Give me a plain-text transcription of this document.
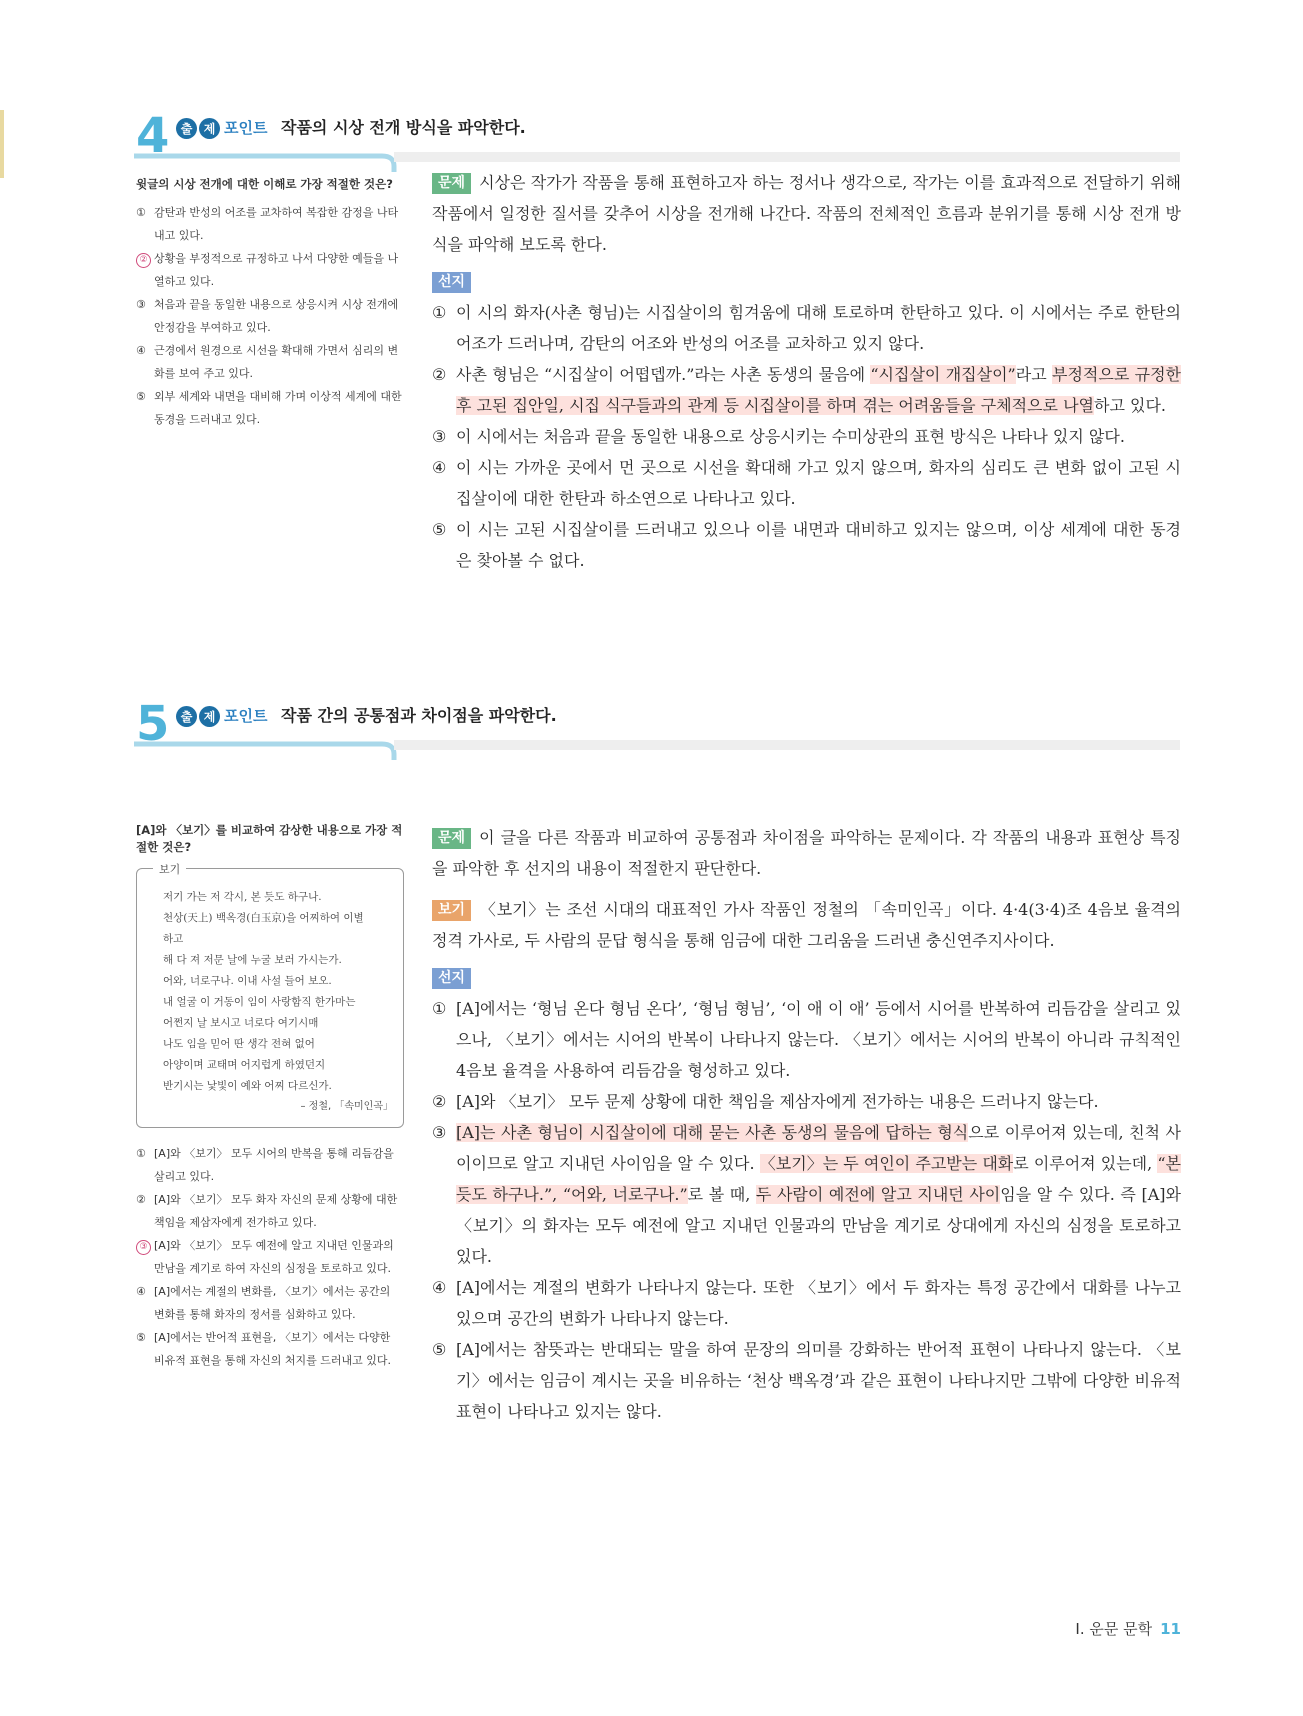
4 출 제 포인트 작품의 시상 전개 방식을 파악한다.
윗글의 시상 전개에 대한 이해로 가장 적절한 것은?
① 감탄과 반성의 어조를 교차하여 복잡한 감정을 나타내고 있다.
② 상황을 부정적으로 규정하고 나서 다양한 예들을 나열하고 있다.
③ 처음과 끝을 동일한 내용으로 상응시켜 시상 전개에 안정감을 부여하고 있다.
④ 근경에서 원경으로 시선을 확대해 가면서 심리의 변화를 보여 주고 있다.
⑤ 외부 세계와 내면을 대비해 가며 이상적 세계에 대한 동경을 드러내고 있다.
문제 시상은 작가가 작품을 통해 표현하고자 하는 정서나 생각으로, 작가는 이를 효과적으로 전달하기 위해 작품에서 일정한 질서를 갖추어 시상을 전개해 나간다. 작품의 전체적인 흐름과 분위기를 통해 시상 전개 방식을 파악해 보도록 한다.
선지
① 이 시의 화자(사촌 형님)는 시집살이의 힘겨움에 대해 토로하며 한탄하고 있다. 이 시에서는 주로 한탄의 어조가 드러나며, 감탄의 어조와 반성의 어조를 교차하고 있지 않다.
② 사촌 형님은 “시집살이 어떱뎁까.”라는 사촌 동생의 물음에 “시집살이 개집살이”라고 부정적으로 규정한 후 고된 집안일, 시집 식구들과의 관계 등 시집살이를 하며 겪는 어려움들을 구체적으로 나열하고 있다.
③ 이 시에서는 처음과 끝을 동일한 내용으로 상응시키는 수미상관의 표현 방식은 나타나 있지 않다.
④ 이 시는 가까운 곳에서 먼 곳으로 시선을 확대해 가고 있지 않으며, 화자의 심리도 큰 변화 없이 고된 시집살이에 대한 한탄과 하소연으로 나타나고 있다.
⑤ 이 시는 고된 시집살이를 드러내고 있으나 이를 내면과 대비하고 있지는 않으며, 이상 세계에 대한 동경은 찾아볼 수 없다.
5 출 제 포인트 작품 간의 공통점과 차이점을 파악한다.
[A]와 〈보기〉를 비교하여 감상한 내용으로 가장 적절한 것은?
보기
저기 가는 저 각시, 본 듯도 하구나.
천상(天上) 백옥경(白玉京)을 어찌하여 이별
하고
해 다 져 저문 날에 누굴 보러 가시는가.
어와, 너로구나. 이내 사설 들어 보오.
내 얼굴 이 거동이 임이 사랑함직 한가마는
어쩐지 날 보시고 너로다 여기시매
나도 임을 믿어 딴 생각 전혀 없어
아양이며 교태며 어지럽게 하였던지
반기시는 낯빛이 예와 어찌 다르신가.
– 정철, 「속미인곡」
① [A]와 〈보기〉 모두 시어의 반복을 통해 리듬감을 살리고 있다.
② [A]와 〈보기〉 모두 화자 자신의 문제 상황에 대한 책임을 제삼자에게 전가하고 있다.
③ [A]와 〈보기〉 모두 예전에 알고 지내던 인물과의 만남을 계기로 하여 자신의 심정을 토로하고 있다.
④ [A]에서는 계절의 변화를, 〈보기〉에서는 공간의 변화를 통해 화자의 정서를 심화하고 있다.
⑤ [A]에서는 반어적 표현을, 〈보기〉에서는 다양한 비유적 표현을 통해 자신의 처지를 드러내고 있다.
문제 이 글을 다른 작품과 비교하여 공통점과 차이점을 파악하는 문제이다. 각 작품의 내용과 표현상 특징을 파악한 후 선지의 내용이 적절한지 판단한다.
보기 〈보기〉는 조선 시대의 대표적인 가사 작품인 정철의 「속미인곡」이다. 4·4(3·4)조 4음보 율격의 정격 가사로, 두 사람의 문답 형식을 통해 임금에 대한 그리움을 드러낸 충신연주지사이다.
선지
① [A]에서는 ‘형님 온다 형님 온다’, ‘형님 형님’, ‘이 애 이 애’ 등에서 시어를 반복하여 리듬감을 살리고 있으나, 〈보기〉에서는 시어의 반복이 나타나지 않는다. 〈보기〉에서는 시어의 반복이 아니라 규칙적인 4음보 율격을 사용하여 리듬감을 형성하고 있다.
② [A]와 〈보기〉 모두 문제 상황에 대한 책임을 제삼자에게 전가하는 내용은 드러나지 않는다.
③ [A]는 사촌 형님이 시집살이에 대해 묻는 사촌 동생의 물음에 답하는 형식으로 이루어져 있는데, 친척 사이이므로 알고 지내던 사이임을 알 수 있다. 〈보기〉는 두 여인이 주고받는 대화로 이루어져 있는데, “본 듯도 하구나.”, “어와, 너로구나.”로 볼 때, 두 사람이 예전에 알고 지내던 사이임을 알 수 있다. 즉 [A]와 〈보기〉의 화자는 모두 예전에 알고 지내던 인물과의 만남을 계기로 상대에게 자신의 심정을 토로하고 있다.
④ [A]에서는 계절의 변화가 나타나지 않는다. 또한 〈보기〉에서 두 화자는 특정 공간에서 대화를 나누고 있으며 공간의 변화가 나타나지 않는다.
⑤ [A]에서는 참뜻과는 반대되는 말을 하여 문장의 의미를 강화하는 반어적 표현이 나타나지 않는다. 〈보기〉에서는 임금이 계시는 곳을 비유하는 ‘천상 백옥경’과 같은 표현이 나타나지만 그밖에 다양한 비유적 표현이 나타나고 있지는 않다.
Ⅰ. 운문 문학 11
